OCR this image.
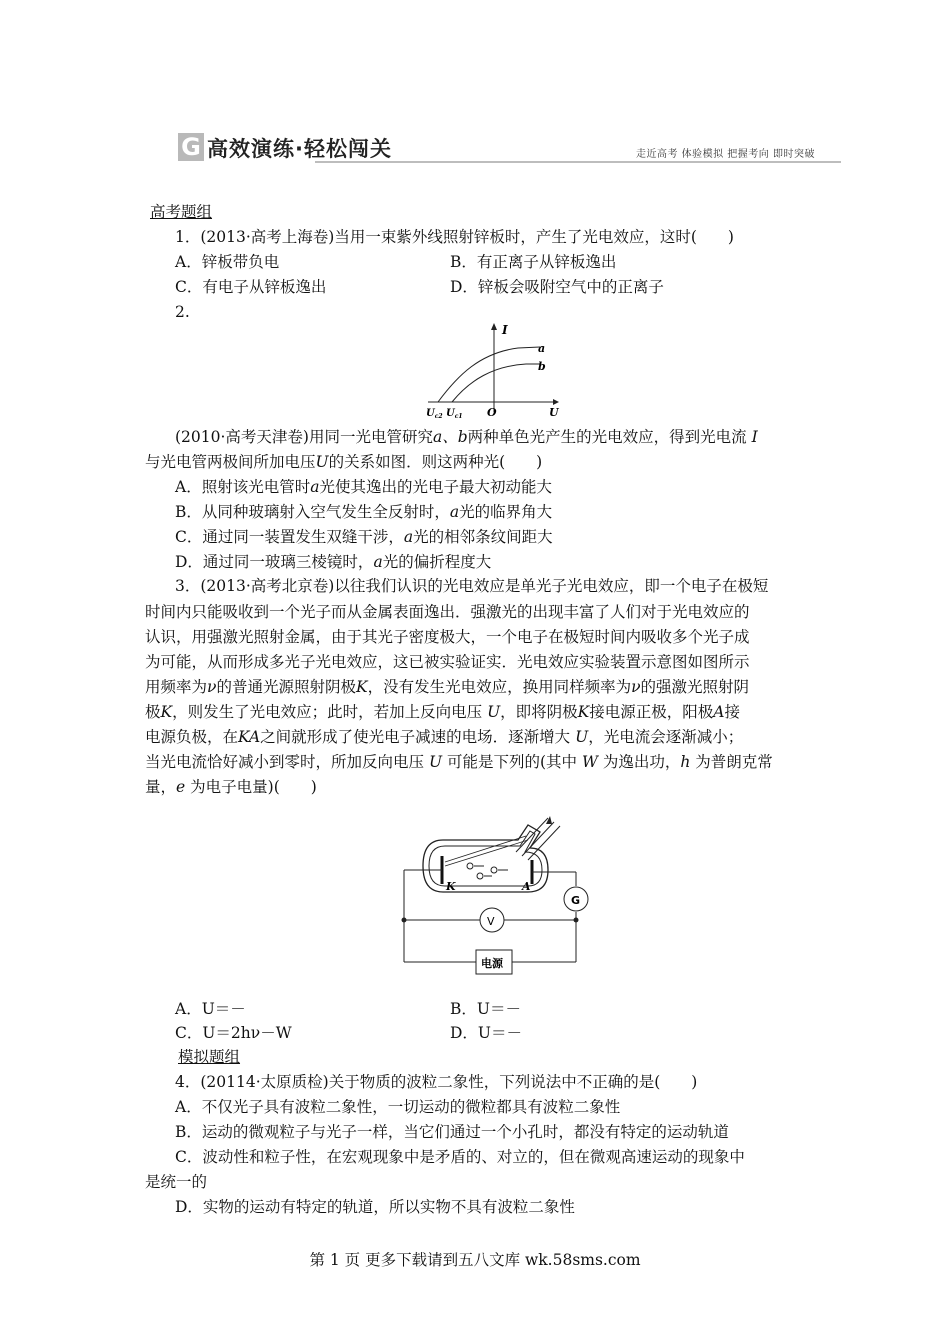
G 高效演练·轻松闯关	走近高考 体验模拟 把握考向 即时突破
高考题组
1．(2013·高考上海卷)当用一束紫外线照射锌板时，产生了光电效应，这时(　　)
A．锌板带负电	B．有正离子从锌板逸出
C．有电子从锌板逸出	D．锌板会吸附空气中的正离子
2.
I
a
b
O	U
$U_{c2}$ $U_{c1}$
(2010·高考天津卷)用同一光电管研究a、b两种单色光产生的光电效应，得到光电流 I
与光电管两极间所加电压U的关系如图．则这两种光(　　)
A．照射该光电管时a光使其逸出的光电子最大初动能大
B．从同种玻璃射入空气发生全反射时，a光的临界角大
C．通过同一装置发生双缝干涉，a光的相邻条纹间距大
D．通过同一玻璃三棱镜时，a光的偏折程度大
3．(2013·高考北京卷)以往我们认识的光电效应是单光子光电效应，即一个电子在极短
时间内只能吸收到一个光子而从金属表面逸出．强激光的出现丰富了人们对于光电效应的
认识，用强激光照射金属，由于其光子密度极大，一个电子在极短时间内吸收多个光子成
为可能，从而形成多光子光电效应，这已被实验证实．光电效应实验装置示意图如图所示
用频率为ν的普通光源照射阴极K，没有发生光电效应，换用同样频率为ν的强激光照射阴
极K，则发生了光电效应；此时，若加上反向电压 U，即将阴极K接电源正极，阳极A接
电源负极，在KA之间就形成了使光电子减速的电场．逐渐增大 U，光电流会逐渐减小；
当光电流恰好减小到零时，所加反向电压 U 可能是下列的(其中 W 为逸出功，h 为普朗克常
量，e 为电子电量)(　　)
K	A
G
V
电源
A．U＝－	B．U＝－
C．U＝2hν－W	D．U＝－
模拟题组
4．(20114·太原质检)关于物质的波粒二象性，下列说法中不正确的是(　　)
A．不仅光子具有波粒二象性，一切运动的微粒都具有波粒二象性
B．运动的微观粒子与光子一样，当它们通过一个小孔时，都没有特定的运动轨道
C．波动性和粒子性，在宏观现象中是矛盾的、对立的，但在微观高速运动的现象中
是统一的
D．实物的运动有特定的轨道，所以实物不具有波粒二象性
第 1 页 更多下载请到五八文库 wk.58sms.com
